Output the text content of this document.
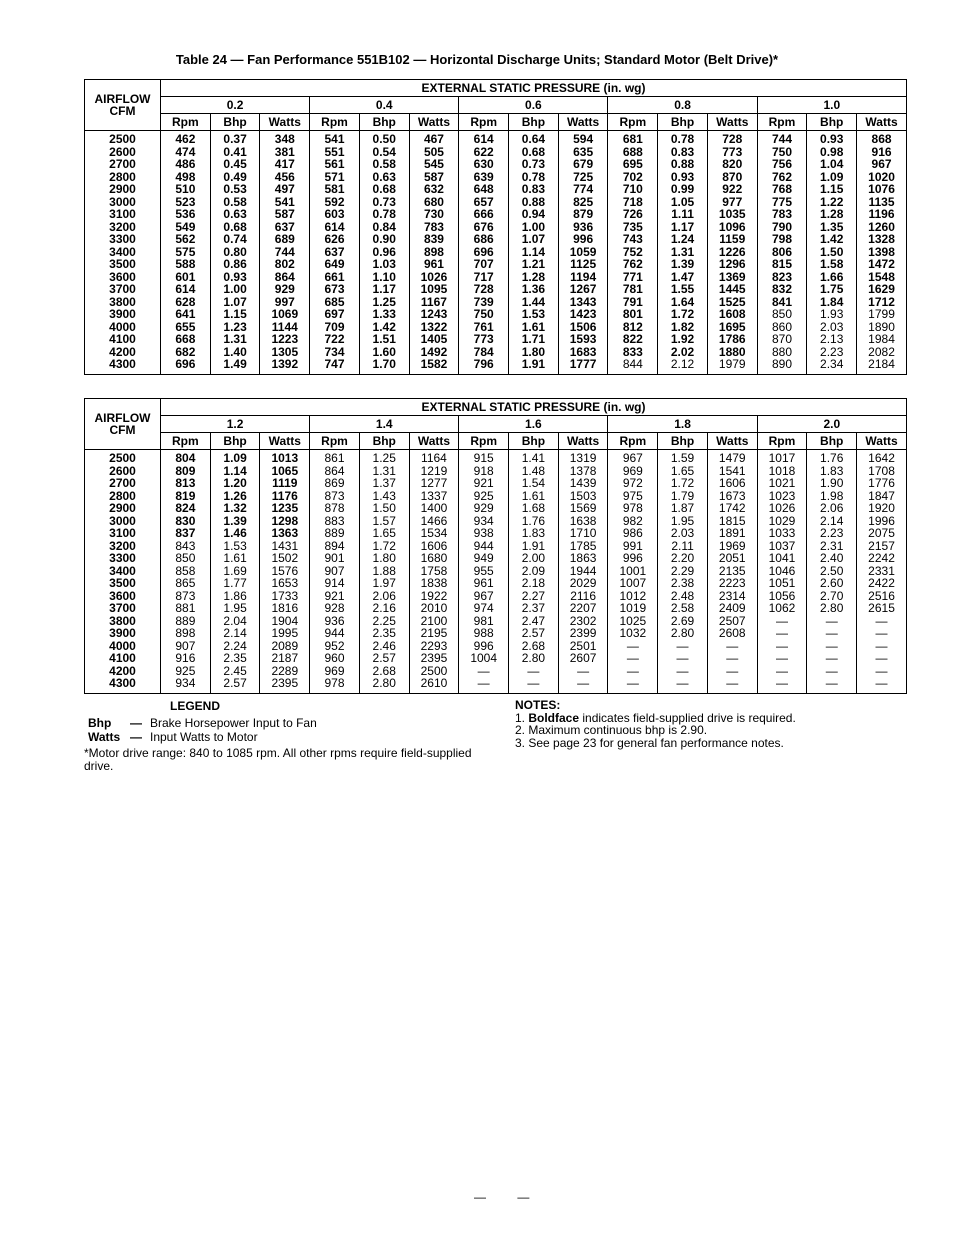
Table 24 — Fan Performance 551B102 — Horizontal Discharge Units; Standard Motor (Belt Drive)*
AIRFLOW
CFM	EXTERNAL STATIC PRESSURE (in. wg)														
	0.2			0.4			0.6			0.8			1.0		
	Rpm	Bhp	Watts	Rpm	Bhp	Watts	Rpm	Bhp	Watts	Rpm	Bhp	Watts	Rpm	Bhp	Watts

2500	462	0.37	348	541	0.50	467	614	0.64	594	681	0.78	728	744	0.93	868
2600	474	0.41	381	551	0.54	505	622	0.68	635	688	0.83	773	750	0.98	916
2700	486	0.45	417	561	0.58	545	630	0.73	679	695	0.88	820	756	1.04	967
2800	498	0.49	456	571	0.63	587	639	0.78	725	702	0.93	870	762	1.09	1020
2900	510	0.53	497	581	0.68	632	648	0.83	774	710	0.99	922	768	1.15	1076
3000	523	0.58	541	592	0.73	680	657	0.88	825	718	1.05	977	775	1.22	1135
3100	536	0.63	587	603	0.78	730	666	0.94	879	726	1.11	1035	783	1.28	1196
3200	549	0.68	637	614	0.84	783	676	1.00	936	735	1.17	1096	790	1.35	1260
3300	562	0.74	689	626	0.90	839	686	1.07	996	743	1.24	1159	798	1.42	1328
3400	575	0.80	744	637	0.96	898	696	1.14	1059	752	1.31	1226	806	1.50	1398
3500	588	0.86	802	649	1.03	961	707	1.21	1125	762	1.39	1296	815	1.58	1472
3600	601	0.93	864	661	1.10	1026	717	1.28	1194	771	1.47	1369	823	1.66	1548
3700	614	1.00	929	673	1.17	1095	728	1.36	1267	781	1.55	1445	832	1.75	1629
3800	628	1.07	997	685	1.25	1167	739	1.44	1343	791	1.64	1525	841	1.84	1712
3900	641	1.15	1069	697	1.33	1243	750	1.53	1423	801	1.72	1608	850	1.93	1799
4000	655	1.23	1144	709	1.42	1322	761	1.61	1506	812	1.82	1695	860	2.03	1890
4100	668	1.31	1223	722	1.51	1405	773	1.71	1593	822	1.92	1786	870	2.13	1984
4200	682	1.40	1305	734	1.60	1492	784	1.80	1683	833	2.02	1880	880	2.23	2082
4300	696	1.49	1392	747	1.70	1582	796	1.91	1777	844	2.12	1979	890	2.34	2184

AIRFLOW
CFM	EXTERNAL STATIC PRESSURE (in. wg)														
	1.2			1.4			1.6			1.8			2.0		
	Rpm	Bhp	Watts	Rpm	Bhp	Watts	Rpm	Bhp	Watts	Rpm	Bhp	Watts	Rpm	Bhp	Watts

2500	804	1.09	1013	861	1.25	1164	915	1.41	1319	967	1.59	1479	1017	1.76	1642
2600	809	1.14	1065	864	1.31	1219	918	1.48	1378	969	1.65	1541	1018	1.83	1708
2700	813	1.20	1119	869	1.37	1277	921	1.54	1439	972	1.72	1606	1021	1.90	1776
2800	819	1.26	1176	873	1.43	1337	925	1.61	1503	975	1.79	1673	1023	1.98	1847
2900	824	1.32	1235	878	1.50	1400	929	1.68	1569	978	1.87	1742	1026	2.06	1920
3000	830	1.39	1298	883	1.57	1466	934	1.76	1638	982	1.95	1815	1029	2.14	1996
3100	837	1.46	1363	889	1.65	1534	938	1.83	1710	986	2.03	1891	1033	2.23	2075
3200	843	1.53	1431	894	1.72	1606	944	1.91	1785	991	2.11	1969	1037	2.31	2157
3300	850	1.61	1502	901	1.80	1680	949	2.00	1863	996	2.20	2051	1041	2.40	2242
3400	858	1.69	1576	907	1.88	1758	955	2.09	1944	1001	2.29	2135	1046	2.50	2331
3500	865	1.77	1653	914	1.97	1838	961	2.18	2029	1007	2.38	2223	1051	2.60	2422
3600	873	1.86	1733	921	2.06	1922	967	2.27	2116	1012	2.48	2314	1056	2.70	2516
3700	881	1.95	1816	928	2.16	2010	974	2.37	2207	1019	2.58	2409	1062	2.80	2615
3800	889	2.04	1904	936	2.25	2100	981	2.47	2302	1025	2.69	2507	—	—	—
3900	898	2.14	1995	944	2.35	2195	988	2.57	2399	1032	2.80	2608	—	—	—
4000	907	2.24	2089	952	2.46	2293	996	2.68	2501	—	—	—	—	—	—
4100	916	2.35	2187	960	2.57	2395	1004	2.80	2607	—	—	—	—	—	—
4200	925	2.45	2289	969	2.68	2500	—	—	—	—	—	—	—	—	—
4300	934	2.57	2395	978	2.80	2610	—	—	—	—	—	—	—	—	—

LEGEND
Bhp — Brake Horsepower Input to Fan
Watts — Input Watts to Motor
*Motor drive range: 840 to 1085 rpm. All other rpms require field-supplied drive.
NOTES:
1. Boldface indicates field-supplied drive is required.
2. Maximum continuous bhp is 2.90.
3. See page 23 for general fan performance notes.
— —
